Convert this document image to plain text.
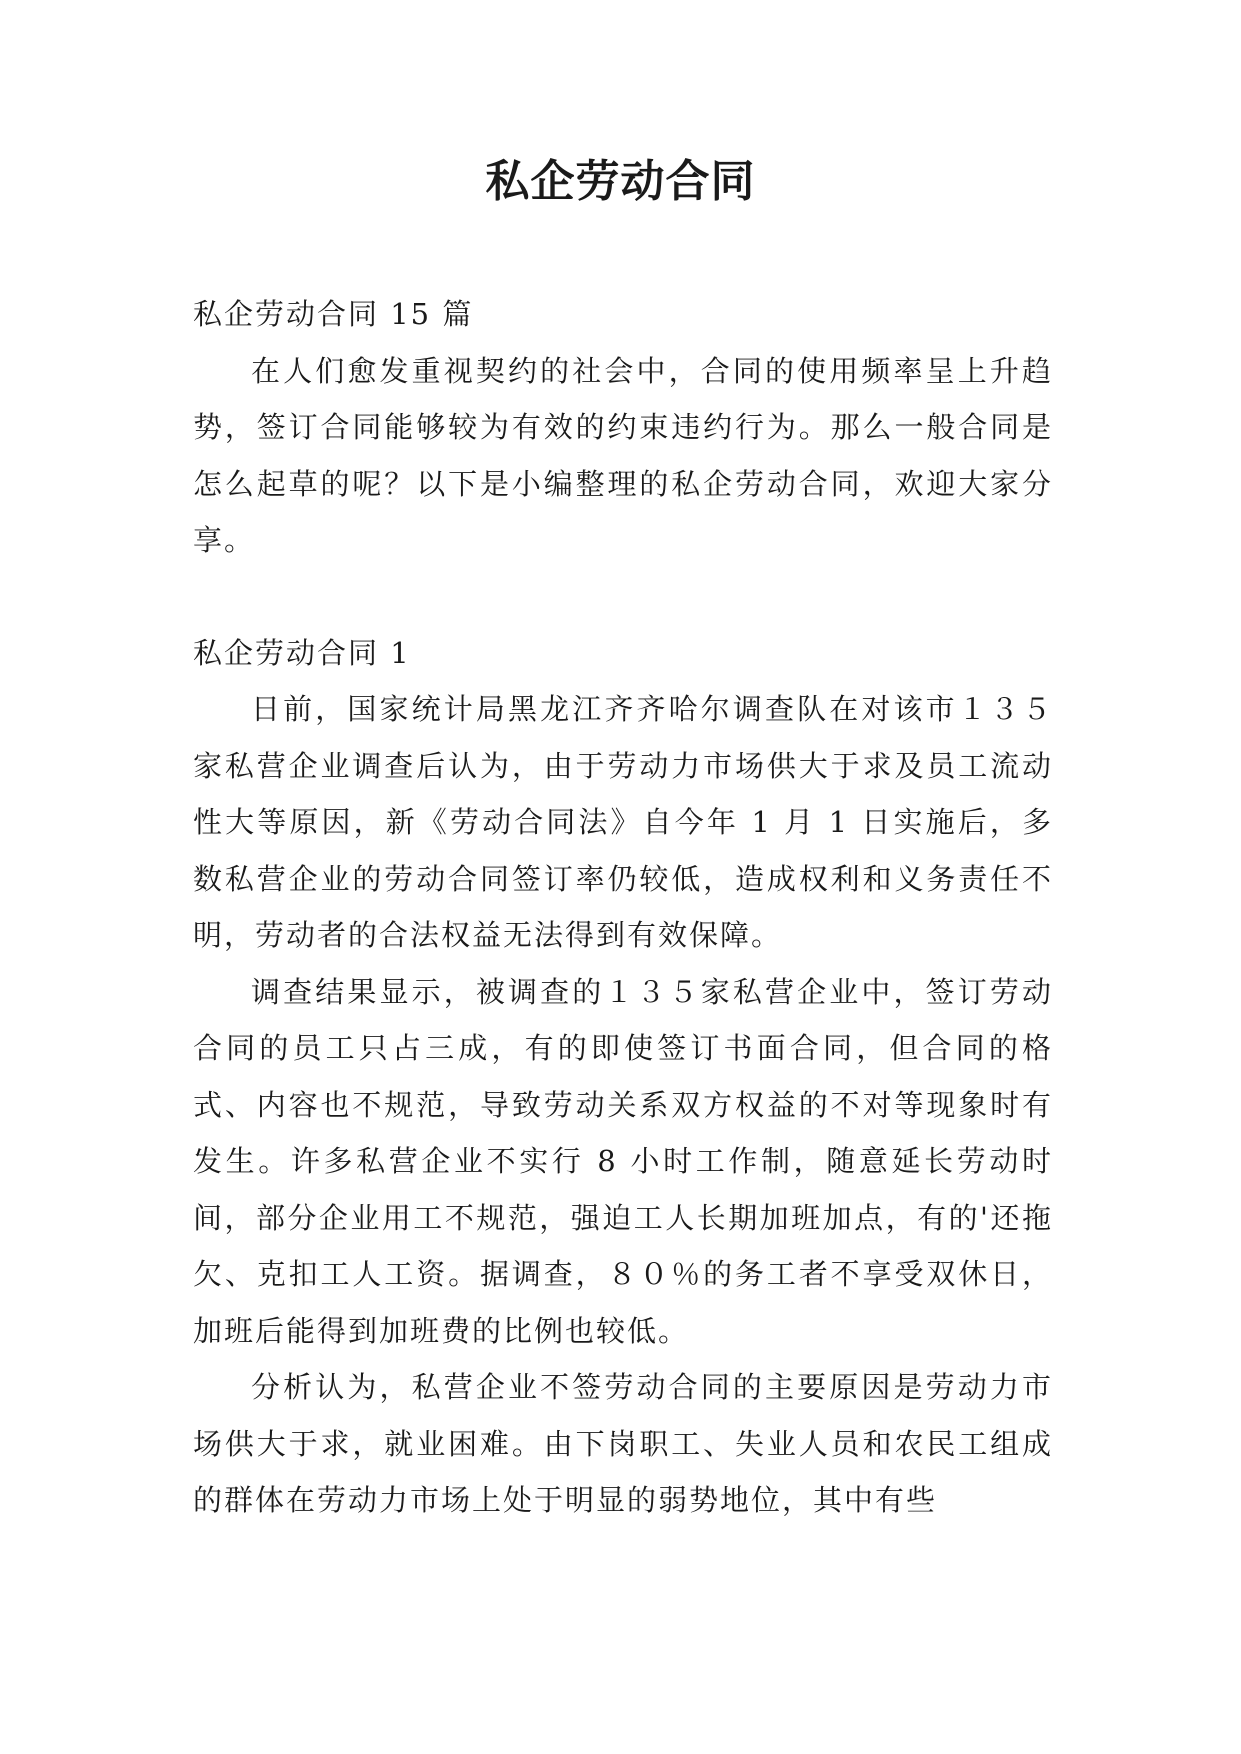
私企劳动合同

私企劳动合同 15 篇

在人们愈发重视契约的社会中，合同的使用频率呈上升趋势，签订合同能够较为有效的约束违约行为。那么一般合同是怎么起草的呢？以下是小编整理的私企劳动合同，欢迎大家分享。

私企劳动合同 1

日前，国家统计局黑龙江齐齐哈尔调查队在对该市１３５家私营企业调查后认为，由于劳动力市场供大于求及员工流动性大等原因，新《劳动合同法》自今年 1 月 1 日实施后，多数私营企业的劳动合同签订率仍较低，造成权利和义务责任不明，劳动者的合法权益无法得到有效保障。

调查结果显示，被调查的１３５家私营企业中，签订劳动合同的员工只占三成，有的即使签订书面合同，但合同的格式、内容也不规范，导致劳动关系双方权益的不对等现象时有发生。许多私营企业不实行 8 小时工作制，随意延长劳动时间，部分企业用工不规范，强迫工人长期加班加点，有的'还拖欠、克扣工人工资。据调查，８０％的务工者不享受双休日，加班后能得到加班费的比例也较低。

分析认为，私营企业不签劳动合同的主要原因是劳动力市场供大于求，就业困难。由下岗职工、失业人员和农民工组成的群体在劳动力市场上处于明显的弱势地位，其中有些
